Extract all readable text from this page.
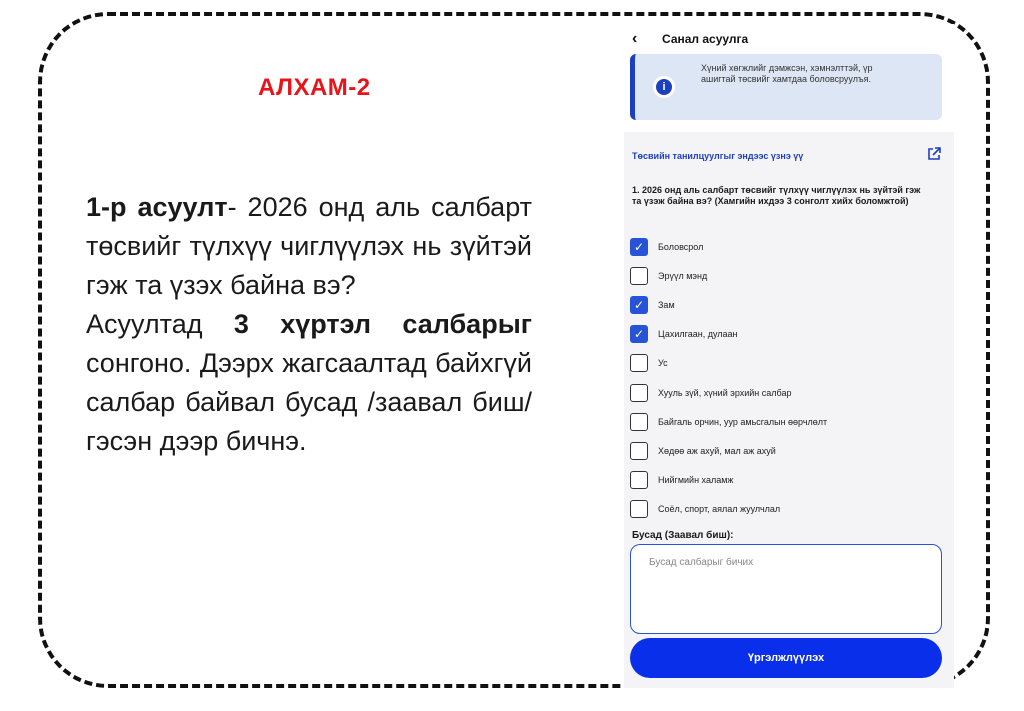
АЛХАМ-2

1-р асуулт- 2026 онд аль салбарт төсвийг түлхүү чиглүүлэх нь зүйтэй гэж та үзэх байна вэ?

Асуултад 3 хүртэл салбарыг сонгоно. Дээрх жагсаалтад байхгүй салбар байвал бусад /заавал биш/ гэсэн дээр бичнэ.

‹	Санал асуулга
i
Хүний хөгжлийг дэмжсэн, хэмнэлттэй, үр ашигтай төсвийг хамтдаа боловсруулъя.
Төсвийн танилцуулгыг эндээс үзнэ үү
1. 2026 онд аль салбарт төсвийг түлхүү чиглүүлэх нь зүйтэй гэж та үзэж байна вэ? (Хамгийн ихдээ 3 сонголт хийх боломжтой)
✓ Боловсрол
Эрүүл мэнд
✓ Зам
✓ Цахилгаан, дулаан
Ус
Хууль зүй, хүний эрхийн салбар
Байгаль орчин, уур амьсгалын өөрчлөлт
Хөдөө аж ахуй, мал аж ахуй
Нийгмийн халамж
Соёл, спорт, аялал жуулчлал
Бусад (Заавал биш):
Бусад салбарыг бичих
Үргэлжлүүлэх
